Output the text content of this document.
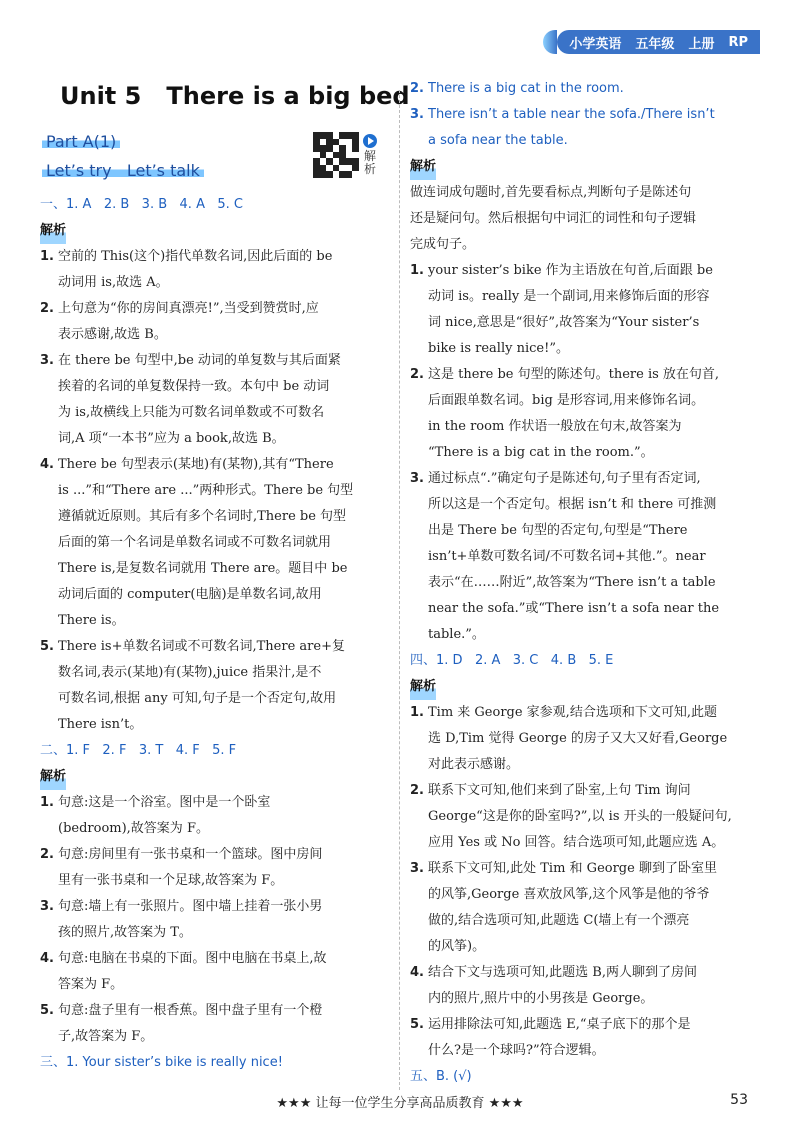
小学英语 五年级 上册 RP
Unit 5   There is a big bed
Part A(1)
Let’s try   Let’s talk
解
析
一、1. A   2. B   3. B   4. A   5. C
解析
1. 空前的 This(这个)指代单数名词,因此后面的 be
动词用 is,故选 A。
2. 上句意为“你的房间真漂亮!”,当受到赞赏时,应
表示感谢,故选 B。
3. 在 there be 句型中,be 动词的单复数与其后面紧
挨着的名词的单复数保持一致。本句中 be 动词
为 is,故横线上只能为可数名词单数或不可数名
词,A 项“一本书”应为 a book,故选 B。
4. There be 句型表示(某地)有(某物),其有“There
is ...”和“There are ...”两种形式。There be 句型
遵循就近原则。其后有多个名词时,There be 句型
后面的第一个名词是单数名词或不可数名词就用
There is,是复数名词就用 There are。题目中 be
动词后面的 computer(电脑)是单数名词,故用
There is。
5. There is+单数名词或不可数名词,There are+复
数名词,表示(某地)有(某物),juice 指果汁,是不
可数名词,根据 any 可知,句子是一个否定句,故用
There isn’t。
二、1. F   2. F   3. T   4. F   5. F
解析
1. 句意:这是一个浴室。图中是一个卧室
(bedroom),故答案为 F。
2. 句意:房间里有一张书桌和一个篮球。图中房间
里有一张书桌和一个足球,故答案为 F。
3. 句意:墙上有一张照片。图中墙上挂着一张小男
孩的照片,故答案为 T。
4. 句意:电脑在书桌的下面。图中电脑在书桌上,故
答案为 F。
5. 句意:盘子里有一根香蕉。图中盘子里有一个橙
子,故答案为 F。
三、1. Your sister’s bike is really nice!
2. There is a big cat in the room.
3. There isn’t a table near the sofa./There isn’t
a sofa near the table.
解析
做连词成句题时,首先要看标点,判断句子是陈述句
还是疑问句。然后根据句中词汇的词性和句子逻辑
完成句子。
1. your sister’s bike 作为主语放在句首,后面跟 be
动词 is。really 是一个副词,用来修饰后面的形容
词 nice,意思是“很好”,故答案为“Your sister’s
bike is really nice!”。
2. 这是 there be 句型的陈述句。there is 放在句首,
后面跟单数名词。big 是形容词,用来修饰名词。
in the room 作状语一般放在句末,故答案为
“There is a big cat in the room.”。
3. 通过标点“.”确定句子是陈述句,句子里有否定词,
所以这是一个否定句。根据 isn’t 和 there 可推测
出是 There be 句型的否定句,句型是“There
isn’t+单数可数名词/不可数名词+其他.”。near
表示“在……附近”,故答案为“There isn’t a table
near the sofa.”或“There isn’t a sofa near the
table.”。
四、1. D   2. A   3. C   4. B   5. E
解析
1. Tim 来 George 家参观,结合选项和下文可知,此题
选 D,Tim 觉得 George 的房子又大又好看,George
对此表示感谢。
2. 联系下文可知,他们来到了卧室,上句 Tim 询问
George“这是你的卧室吗?”,以 is 开头的一般疑问句,
应用 Yes 或 No 回答。结合选项可知,此题应选 A。
3. 联系下文可知,此处 Tim 和 George 聊到了卧室里
的风筝,George 喜欢放风筝,这个风筝是他的爷爷
做的,结合选项可知,此题选 C(墙上有一个漂亮
的风筝)。
4. 结合下文与选项可知,此题选 B,两人聊到了房间
内的照片,照片中的小男孩是 George。
5. 运用排除法可知,此题选 E,“桌子底下的那个是
什么?是一个球吗?”符合逻辑。
五、B. (√)
★★★ 让每一位学生分享高品质教育 ★★★	53
